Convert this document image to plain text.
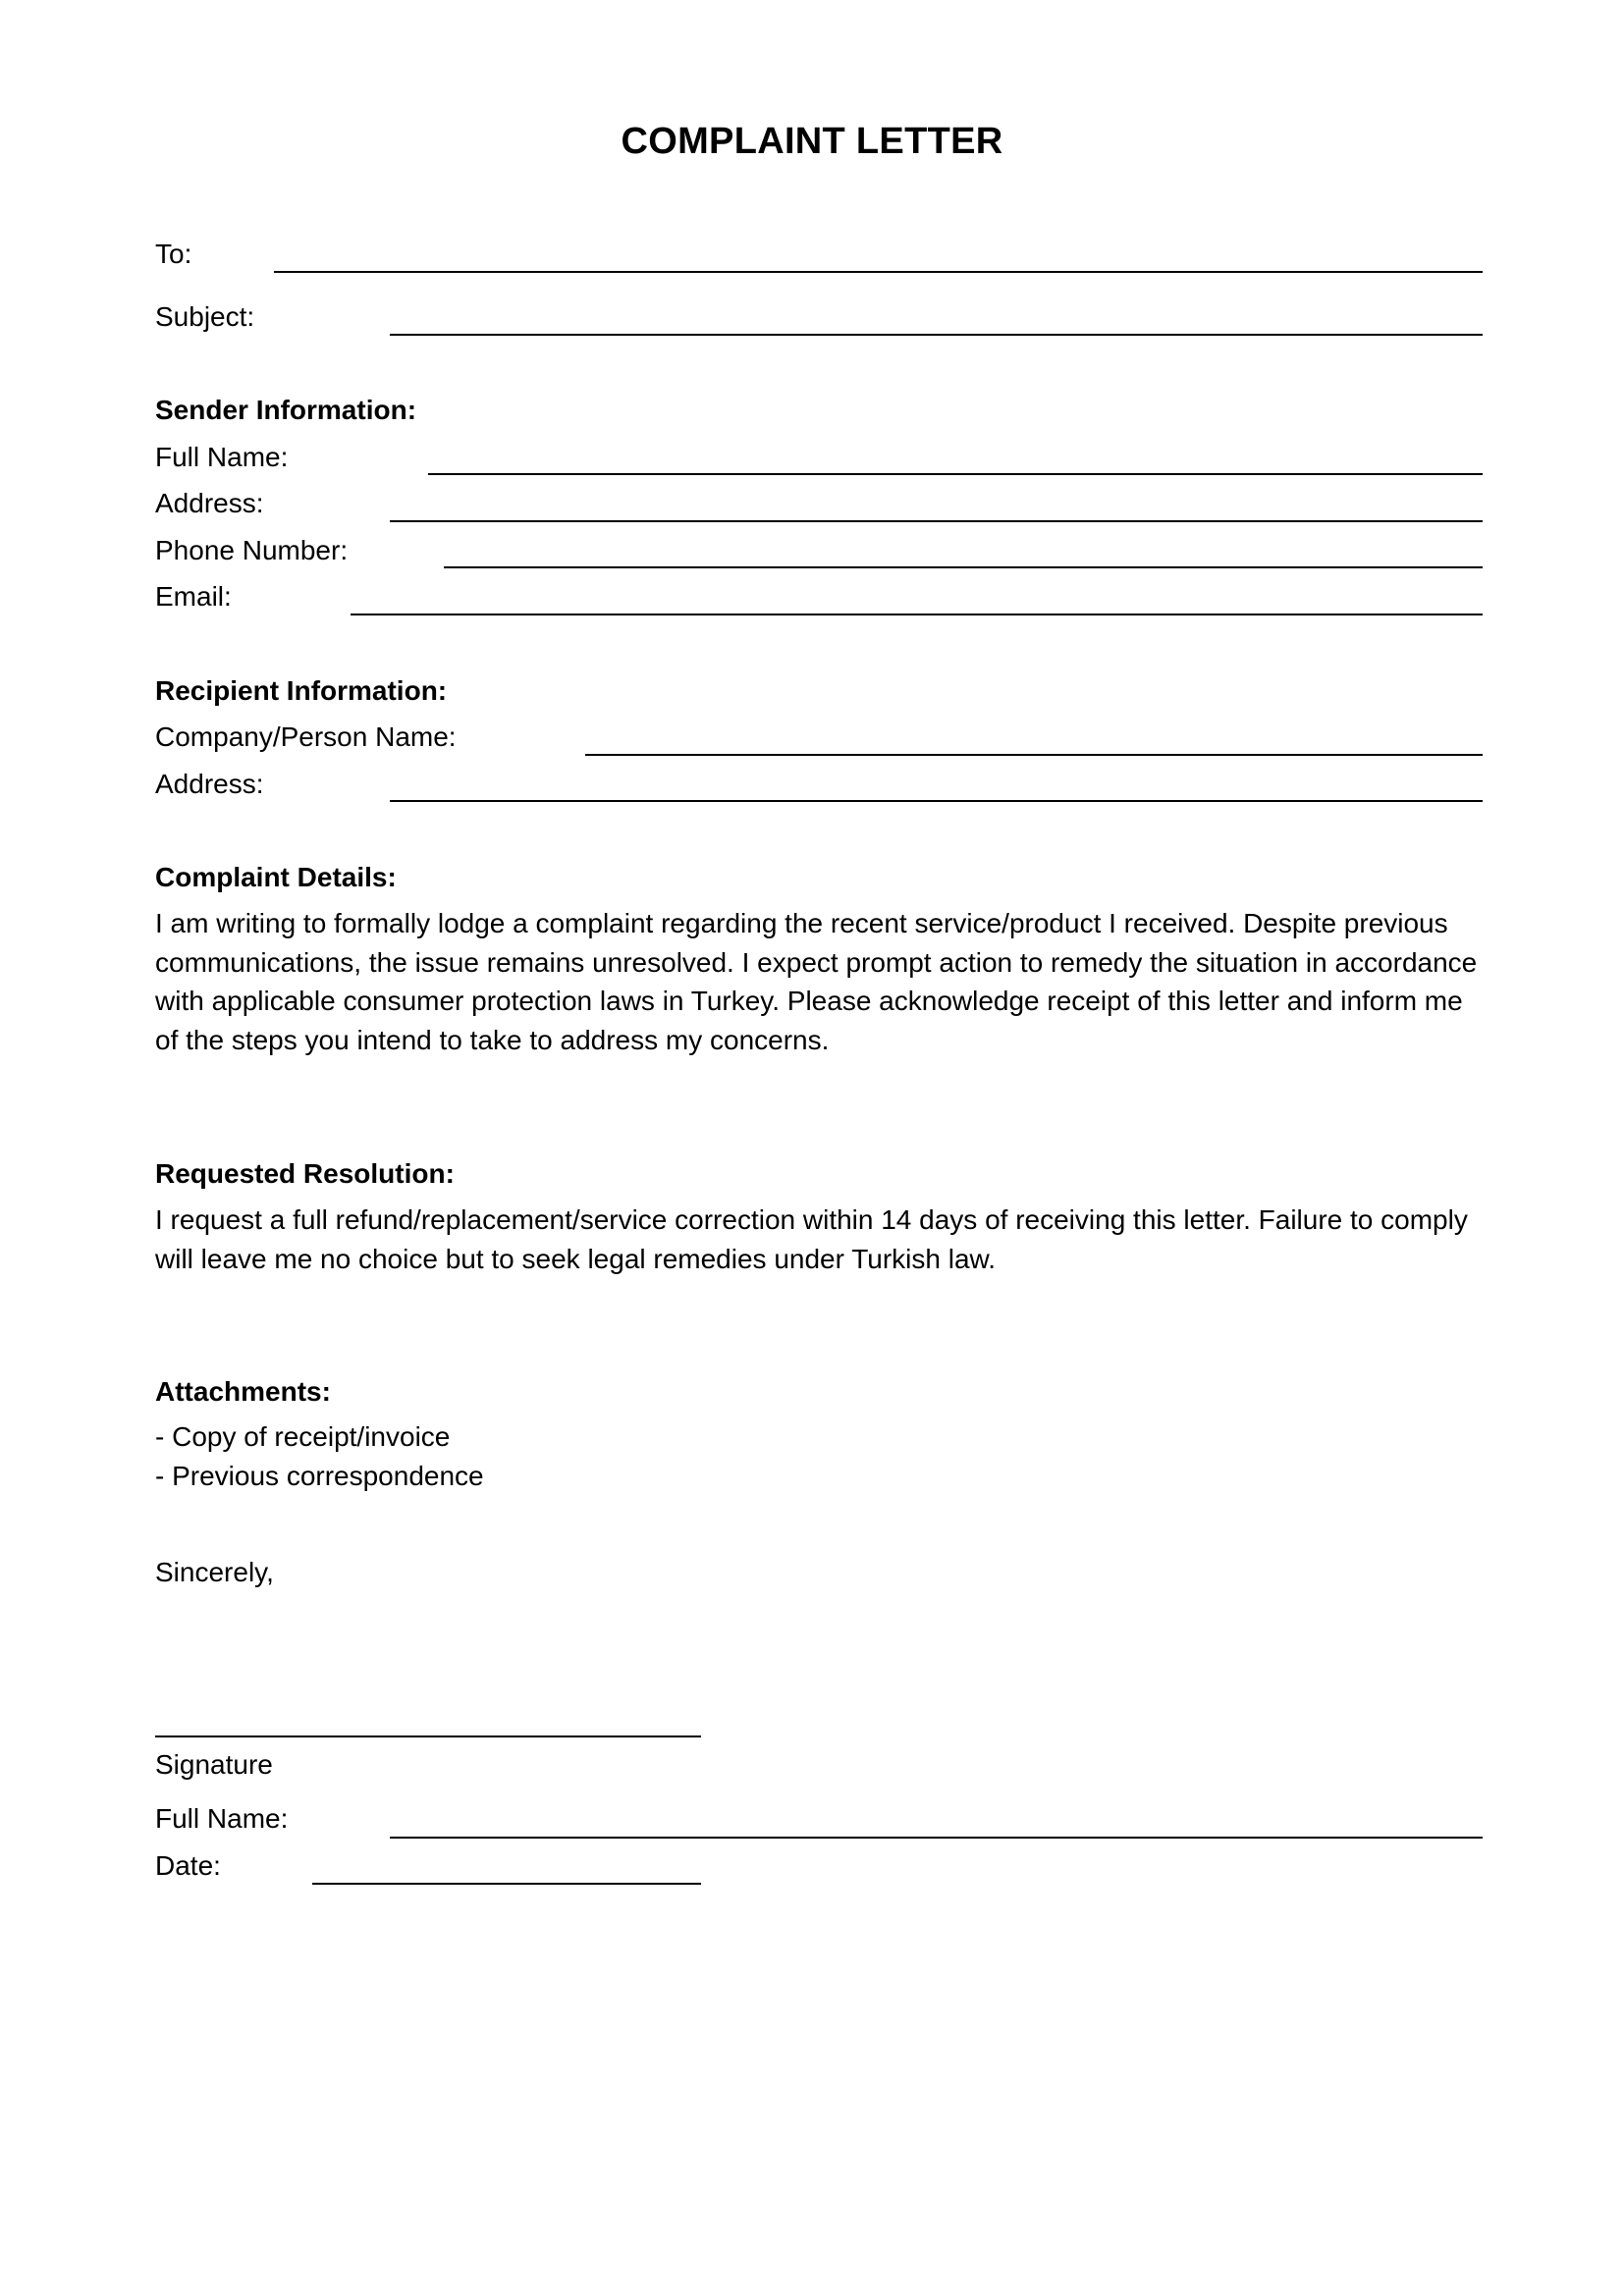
COMPLAINT LETTER
To:
Subject:
Sender Information:
Full Name:
Address:
Phone Number:
Email:
Recipient Information:
Company/Person Name:
Address:
Complaint Details:
I am writing to formally lodge a complaint regarding the recent service/product I received. Despite previous
communications, the issue remains unresolved. I expect prompt action to remedy the situation in accordance
with applicable consumer protection laws in Turkey. Please acknowledge receipt of this letter and inform me
of the steps you intend to take to address my concerns.
Requested Resolution:
I request a full refund/replacement/service correction within 14 days of receiving this letter. Failure to comply
will leave me no choice but to seek legal remedies under Turkish law.
Attachments:
- Copy of receipt/invoice
- Previous correspondence
Sincerely,
Signature
Full Name:
Date:
